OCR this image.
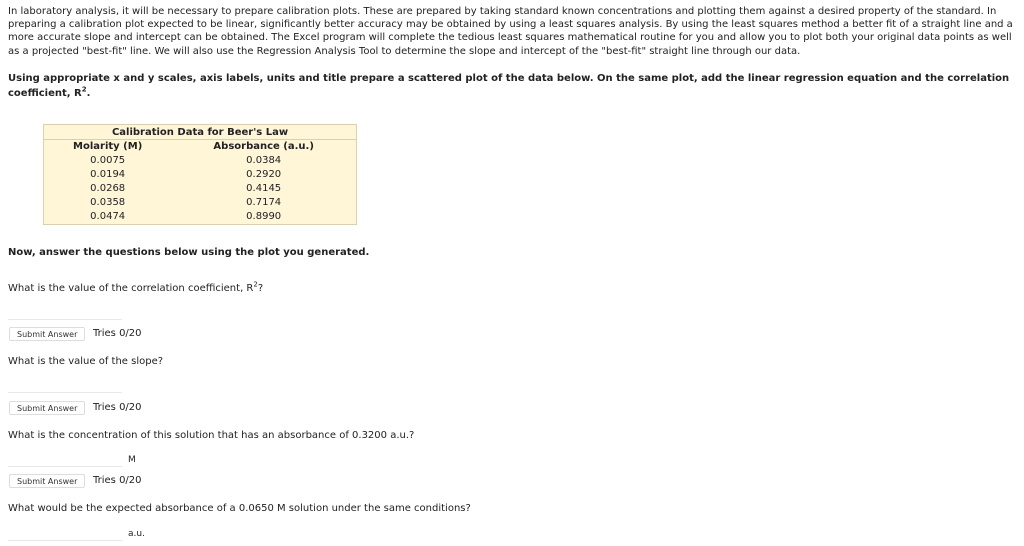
In laboratory analysis, it will be necessary to prepare calibration plots. These are prepared by taking standard known concentrations and plotting them against a desired property of the standard. In preparing a calibration plot expected to be linear, significantly better accuracy may be obtained by using a least squares analysis. By using the least squares method a better fit of a straight line and a more accurate slope and intercept can be obtained. The Excel program will complete the tedious least squares mathematical routine for you and allow you to plot both your original data points as well as a projected "best-fit" line. We will also use the Regression Analysis Tool to determine the slope and intercept of the "best-fit" straight line through our data.
Using appropriate x and y scales, axis labels, units and title prepare a scattered plot of the data below. On the same plot, add the linear regression equation and the correlation coefficient, $R^2$.
Calibration Data for Beer's Law
Molarity (M)	Absorbance (a.u.)
0.0075	0.0384
0.0194	0.2920
0.0268	0.4145
0.0358	0.7174
0.0474	0.8990
Now, answer the questions below using the plot you generated.
What is the value of the correlation coefficient, $R^2$?
Submit Answer	Tries 0/20
What is the value of the slope?
Submit Answer	Tries 0/20
What is the concentration of this solution that has an absorbance of 0.3200 a.u.?
M
Submit Answer	Tries 0/20
What would be the expected absorbance of a 0.0650 M solution under the same conditions?
a.u.
